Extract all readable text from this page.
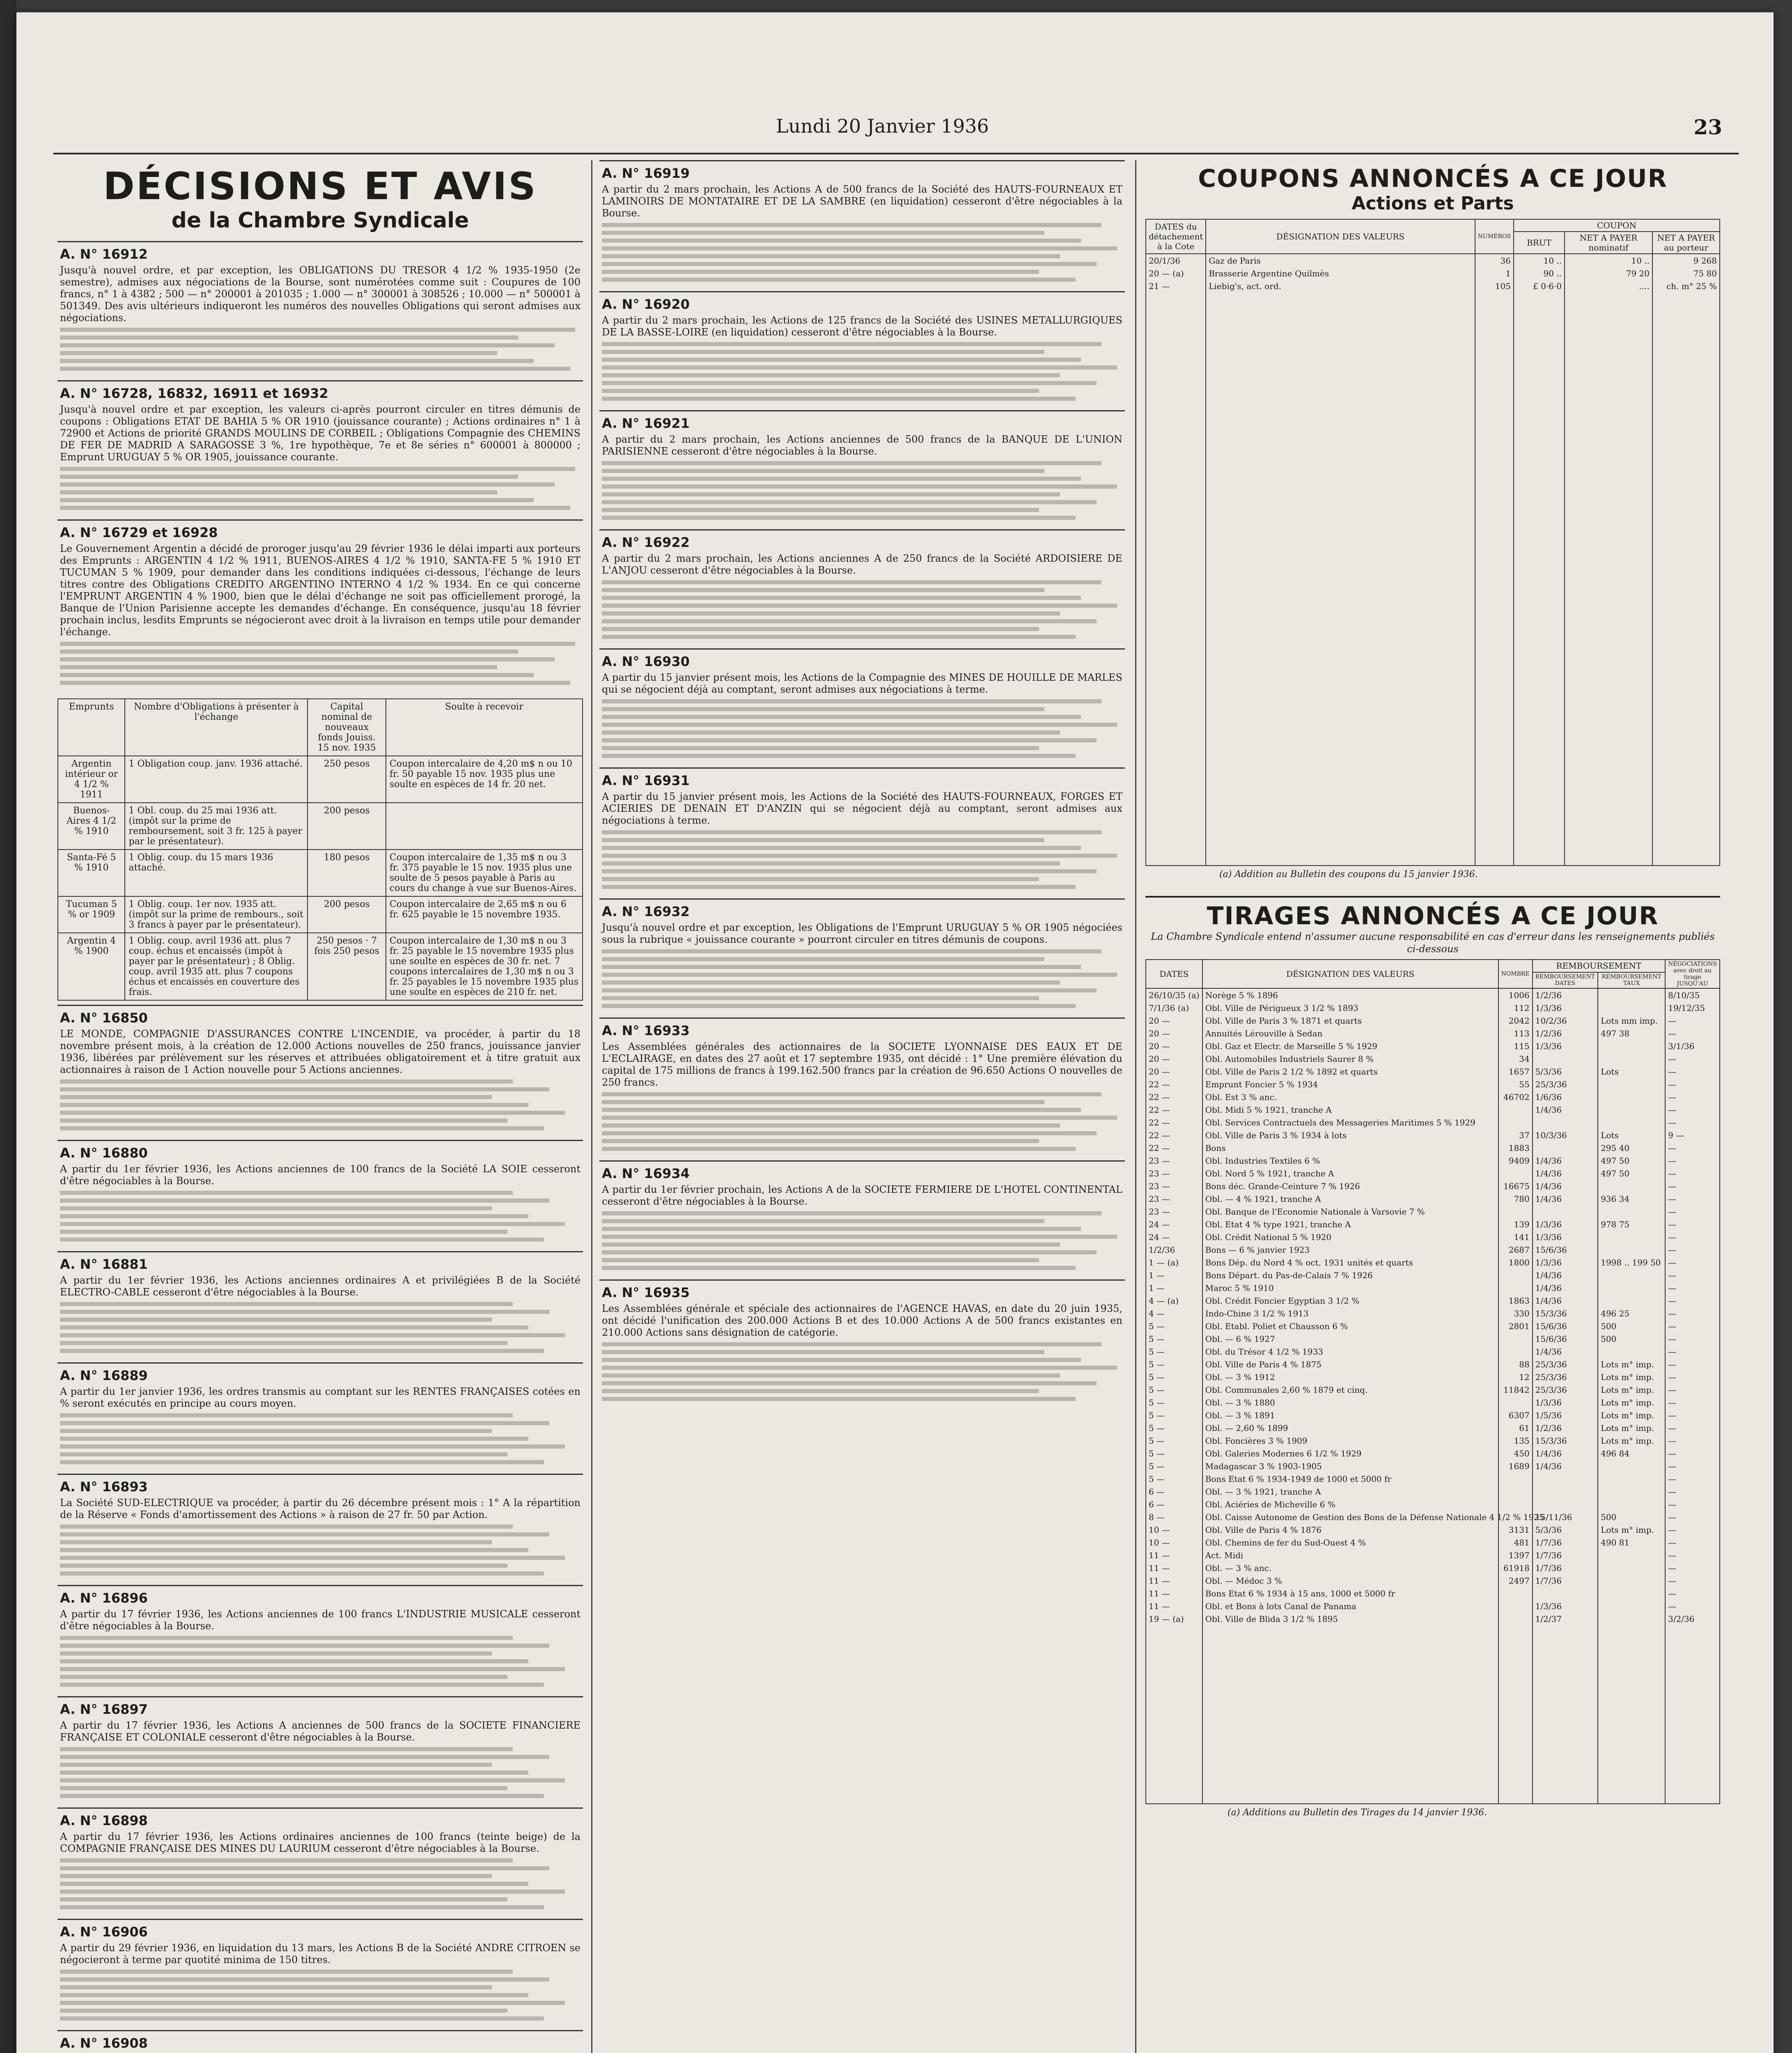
Lundi 20 Janvier 1936	23
DÉCISIONS ET AVIS
de la Chambre Syndicale
A. N° 16912
Jusqu'à nouvel ordre, et par exception, les OBLIGATIONS DU TRESOR 4 1/2 % 1935-1950 (2e semestre), admises aux négociations de la Bourse, sont numérotées comme suit : Coupures de 100 francs, n° 1 à 4382 ; 500 — n° 200001 à 201035 ; 1.000 — n° 300001 à 308526 ; 10.000 — n° 500001 à 501349. Des avis ultérieurs indiqueront les numéros des nouvelles Obligations qui seront admises aux négociations.
A. N° 16728, 16832, 16911 et 16932
Jusqu'à nouvel ordre et par exception, les valeurs ci-après pourront circuler en titres démunis de coupons : Obligations ETAT DE BAHIA 5 % OR 1910 (jouissance courante) ; Actions ordinaires n° 1 à 72900 et Actions de priorité GRANDS MOULINS DE CORBEIL ; Obligations Compagnie des CHEMINS DE FER DE MADRID A SARAGOSSE 3 %, 1re hypothèque, 7e et 8e séries n° 600001 à 800000 ; Emprunt URUGUAY 5 % OR 1905, jouissance courante.
A. N° 16729 et 16928
Le Gouvernement Argentin a décidé de proroger jusqu'au 29 février 1936 le délai imparti aux porteurs des Emprunts : ARGENTIN 4 1/2 % 1911, BUENOS-AIRES 4 1/2 % 1910, SANTA-FE 5 % 1910 ET TUCUMAN 5 % 1909, pour demander dans les conditions indiquées ci-dessous, l'échange de leurs titres contre des Obligations CREDITO ARGENTINO INTERNO 4 1/2 % 1934. En ce qui concerne l'EMPRUNT ARGENTIN 4 % 1900, bien que le délai d'échange ne soit pas officiellement prorogé, la Banque de l'Union Parisienne accepte les demandes d'échange. En conséquence, jusqu'au 18 février prochain inclus, lesdits Emprunts se négocieront avec droit à la livraison en temps utile pour demander l'échange.
Emprunts	Nombre d'Obligations à présenter à l'échange	Capital nominal de nouveaux fonds Jouiss. 15 nov. 1935	Soulte à recevoir
Argentin intérieur or 4 1/2 % 1911	1 Obligation coup. janv. 1936 attaché.	250 pesos	Coupon intercalaire de 4,20 m$ n ou 10 fr. 50 payable 15 nov. 1935 plus une soulte en espèces de 14 fr. 20 net.
Buenos-Aires 4 1/2 % 1910	1 Obl. coup. du 25 mai 1936 att. (impôt sur la prime de remboursement, soit 3 fr. 125 à payer par le présentateur).	200 pesos	
Santa-Fé 5 % 1910	1 Oblig. coup. du 15 mars 1936 attaché.	180 pesos	Coupon intercalaire de 1,35 m$ n ou 3 fr. 375 payable le 15 nov. 1935 plus une soulte de 5 pesos payable à Paris au cours du change à vue sur Buenos-Aires.
Tucuman 5 % or 1909	1 Oblig. coup. 1er nov. 1935 att. (impôt sur la prime de rembours., soit 3 francs à payer par le présentateur).	200 pesos	Coupon intercalaire de 2,65 m$ n ou 6 fr. 625 payable le 15 novembre 1935.
Argentin 4 % 1900	1 Oblig. coup. avril 1936 att. plus 7 coup. échus et encaissés (impôt à payer par le présentateur) ; 8 Oblig. coup. avril 1935 att. plus 7 coupons échus et encaissés en couverture des frais.	250 pesos · 7 fois 250 pesos	Coupon intercalaire de 1,30 m$ n ou 3 fr. 25 payable le 15 novembre 1935 plus une soulte en espèces de 30 fr. net. 7 coupons intercalaires de 1,30 m$ n ou 3 fr. 25 payables le 15 novembre 1935 plus une soulte en espèces de 210 fr. net.
A. N° 16850
LE MONDE, COMPAGNIE D'ASSURANCES CONTRE L'INCENDIE, va procéder, à partir du 18 novembre présent mois, à la création de 12.000 Actions nouvelles de 250 francs, jouissance janvier 1936, libérées par prélèvement sur les réserves et attribuées obligatoirement et à titre gratuit aux actionnaires à raison de 1 Action nouvelle pour 5 Actions anciennes.
A. N° 16880
A partir du 1er février 1936, les Actions anciennes de 100 francs de la Société LA SOIE cesseront d'être négociables à la Bourse.
A. N° 16881
A partir du 1er février 1936, les Actions anciennes ordinaires A et privilégiées B de la Société ELECTRO-CABLE cesseront d'être négociables à la Bourse.
A. N° 16889
A partir du 1er janvier 1936, les ordres transmis au comptant sur les RENTES FRANÇAISES cotées en % seront exécutés en principe au cours moyen.
A. N° 16893
La Société SUD-ELECTRIQUE va procéder, à partir du 26 décembre présent mois : 1° A la répartition de la Réserve « Fonds d'amortissement des Actions » à raison de 27 fr. 50 par Action.
A. N° 16896
A partir du 17 février 1936, les Actions anciennes de 100 francs L'INDUSTRIE MUSICALE cesseront d'être négociables à la Bourse.
A. N° 16897
A partir du 17 février 1936, les Actions A anciennes de 500 francs de la SOCIETE FINANCIERE FRANÇAISE ET COLONIALE cesseront d'être négociables à la Bourse.
A. N° 16898
A partir du 17 février 1936, les Actions ordinaires anciennes de 100 francs (teinte beige) de la COMPAGNIE FRANÇAISE DES MINES DU LAURIUM cesseront d'être négociables à la Bourse.
A. N° 16906
A partir du 29 février 1936, en liquidation du 13 mars, les Actions B de la Société ANDRE CITROEN se négocieront à terme par quotité minima de 150 titres.
A. N° 16908
A. N° 16919
A partir du 2 mars prochain, les Actions A de 500 francs de la Société des HAUTS-FOURNEAUX ET LAMINOIRS DE MONTATAIRE ET DE LA SAMBRE (en liquidation) cesseront d'être négociables à la Bourse.
A. N° 16920
A partir du 2 mars prochain, les Actions de 125 francs de la Société des USINES METALLURGIQUES DE LA BASSE-LOIRE (en liquidation) cesseront d'être négociables à la Bourse.
A. N° 16921
A partir du 2 mars prochain, les Actions anciennes de 500 francs de la BANQUE DE L'UNION PARISIENNE cesseront d'être négociables à la Bourse.
A. N° 16922
A partir du 2 mars prochain, les Actions anciennes A de 250 francs de la Société ARDOISIERE DE L'ANJOU cesseront d'être négociables à la Bourse.
A. N° 16930
A partir du 15 janvier présent mois, les Actions de la Compagnie des MINES DE HOUILLE DE MARLES qui se négocient déjà au comptant, seront admises aux négociations à terme.
A. N° 16931
A partir du 15 janvier présent mois, les Actions de la Société des HAUTS-FOURNEAUX, FORGES ET ACIERIES DE DENAIN ET D'ANZIN qui se négocient déjà au comptant, seront admises aux négociations à terme.
A. N° 16932
Jusqu'à nouvel ordre et par exception, les Obligations de l'Emprunt URUGUAY 5 % OR 1905 négociées sous la rubrique « jouissance courante » pourront circuler en titres démunis de coupons.
A. N° 16933
Les Assemblées générales des actionnaires de la SOCIETE LYONNAISE DES EAUX ET DE L'ECLAIRAGE, en dates des 27 août et 17 septembre 1935, ont décidé : 1° Une première élévation du capital de 175 millions de francs à 199.162.500 francs par la création de 96.650 Actions O nouvelles de 250 francs.
A. N° 16934
A partir du 1er février prochain, les Actions A de la SOCIETE FERMIERE DE L'HOTEL CONTINENTAL cesseront d'être négociables à la Bourse.
A. N° 16935
Les Assemblées générale et spéciale des actionnaires de l'AGENCE HAVAS, en date du 20 juin 1935, ont décidé l'unification des 200.000 Actions B et des 10.000 Actions A de 500 francs existantes en 210.000 Actions sans désignation de catégorie.
COUPONS ANNONCÉS A CE JOUR
Actions et Parts
DATES du détachement à la Cote	DÉSIGNATION DES VALEURS	NUMÉROS	COUPON		
			BRUT	NET A PAYER nominatif	NET A PAYER au porteur
20/1/36	Gaz de Paris	36	10 ..	10 ..	9 268
20 — (a)	Brasserie Argentine Quilmès	1	90 ..	79 20	75 80
21 —	Liebig's, act. ord.	105	£ 0·6·0	....	ch. m° 25 %

(a) Addition au Bulletin des coupons du 15 janvier 1936.
TIRAGES ANNONCÉS A CE JOUR
La Chambre Syndicale entend n'assumer aucune responsabilité en cas d'erreur dans les renseignements publiés ci-dessous
DATES	DÉSIGNATION DES VALEURS	NOMBRE	REMBOURSEMENT		NÉGOCIATIONS avec droit au tirage JUSQU'AU
			REMBOURSEMENT DATES	REMBOURSEMENT TAUX	
26/10/35 (a)	Norège 5 % 1896	1006	1/2/36		8/10/35
7/1/36 (a)	Obl. Ville de Périgueux 3 1/2 % 1893	112	1/3/36		19/12/35
20 —	Obl. Ville de Paris 3 % 1871 et quarts	2042	10/2/36	Lots mm imp.	—
20 —	Annuités Lérouville à Sedan	113	1/2/36	497 38	—
20 —	Obl. Gaz et Electr. de Marseille 5 % 1929	115	1/3/36		3/1/36
20 —	Obl. Automobiles Industriels Saurer 8 %	34			—
20 —	Obl. Ville de Paris 2 1/2 % 1892 et quarts	1657	5/3/36	Lots	—
22 —	Emprunt Foncier 5 % 1934	55	25/3/36		—
22 —	Obl. Est 3 % anc.	46702	1/6/36		—
22 —	Obl. Midi 5 % 1921, tranche A		1/4/36		—
22 —	Obl. Services Contractuels des Messageries Maritimes 5 % 1929				—
22 —	Obl. Ville de Paris 3 % 1934 à lots	37	10/3/36	Lots	9 —
22 —	Bons	1883		295 40	—
23 —	Obl. Industries Textiles 6 %	9409	1/4/36	497 50	—
23 —	Obl. Nord 5 % 1921, tranche A		1/4/36	497 50	—
23 —	Bons déc. Grande-Ceinture 7 % 1926	16675	1/4/36		—
23 —	Obl. — 4 % 1921, tranche A	780	1/4/36	936 34	—
23 —	Obl. Banque de l'Economie Nationale à Varsovie 7 %				—
24 —	Obl. Etat 4 % type 1921, tranche A	139	1/3/36	978 75	—
24 —	Obl. Crédit National 5 % 1920	141	1/3/36		—
1/2/36	Bons — 6 % janvier 1923	2687	15/6/36		—
1 — (a)	Bons Dép. du Nord 4 % oct. 1931 unités et quarts	1800	1/3/36	1998 .. 199 50	—
1 —	Bons Départ. du Pas-de-Calais 7 % 1926		1/4/36		—
1 —	Maroc 5 % 1910		1/4/36		—
4 — (a)	Obl. Crédit Foncier Egyptian 3 1/2 %	1863	1/4/36		—
4 —	Indo-Chine 3 1/2 % 1913	330	15/3/36	496 25	—
5 —	Obl. Etabl. Poliet et Chausson 6 %	2801	15/6/36	500	—
5 —	Obl. — 6 % 1927		15/6/36	500	—
5 —	Obl. du Trésor 4 1/2 % 1933		1/4/36		—
5 —	Obl. Ville de Paris 4 % 1875	88	25/3/36	Lots m° imp.	—
5 —	Obl. — 3 % 1912	12	25/3/36	Lots m° imp.	—
5 —	Obl. Communales 2,60 % 1879 et cinq.	11842	25/3/36	Lots m° imp.	—
5 —	Obl. — 3 % 1880		1/3/36	Lots m° imp.	—
5 —	Obl. — 3 % 1891	6307	1/5/36	Lots m° imp.	—
5 —	Obl. — 2,60 % 1899	61	1/2/36	Lots m° imp.	—
5 —	Obl. Foncières 3 % 1909	135	15/3/36	Lots m° imp.	—
5 —	Obl. Galeries Modernes 6 1/2 % 1929	450	1/4/36	496 84	—
5 —	Madagascar 3 % 1903-1905	1689	1/4/36		—
5 —	Bons Etat 6 % 1934-1949 de 1000 et 5000 fr				—
6 —	Obl. — 3 % 1921, tranche A				—
6 —	Obl. Aciéries de Micheville 6 %				—
8 —	Obl. Caisse Autonome de Gestion des Bons de la Défense Nationale 4 1/2 % 1925		15/11/36	500	—
10 —	Obl. Ville de Paris 4 % 1876	3131	5/3/36	Lots m° imp.	—
10 —	Obl. Chemins de fer du Sud-Ouest 4 %	481	1/7/36	490 81	—
11 —	Act. Midi	1397	1/7/36		—
11 —	Obl. — 3 % anc.	61918	1/7/36		—
11 —	Obl. — Médoc 3 %	2497	1/7/36		—
11 —	Bons Etat 6 % 1934 à 15 ans, 1000 et 5000 fr				—
11 —	Obl. et Bons à lots Canal de Panama		1/3/36		—
19 — (a)	Obl. Ville de Blida 3 1/2 % 1895		1/2/37		3/2/36

(a) Additions au Bulletin des Tirages du 14 janvier 1936.
